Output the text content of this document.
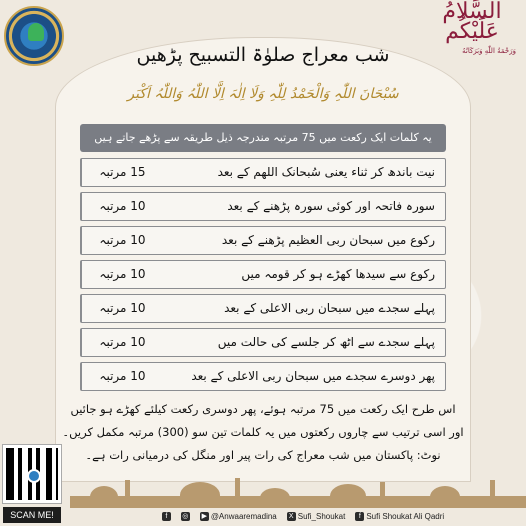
السَّلَامُ عَلَيْكُم
وَرَحْمَةُ اللّٰهِ وَبَرَكَاتُهُ
شب معراج صلوٰۃ التسبیح پڑھیں
سُبْحَانَ اللّٰہِ وَالْحَمْدُ لِلّٰہِ وَلَا اِلٰہَ اِلَّا اللّٰہُ وَاللّٰہُ اَکْبَر
یہ کلمات ایک رکعت میں 75 مرتبہ مندرجہ ذیل طریقہ سے پڑھے جاتے ہیں
15 مرتبہ	نیت باندھ کر ثناء یعنی سُبحانک اللھم کے بعد
10 مرتبہ	سورہ فاتحہ اور کوئی سورہ پڑھنے کے بعد
10 مرتبہ	رکوع میں سبحان ربی العظیم پڑھنے کے بعد
10 مرتبہ	رکوع سے سیدھا کھڑے ہو کر قومہ میں
10 مرتبہ	پہلے سجدے میں سبحان ربی الاعلی کے بعد
10 مرتبہ	پہلے سجدے سے اٹھ کر جلسے کی حالت میں
10 مرتبہ	پھر دوسرے سجدے میں سبحان ربی الاعلی کے بعد
اس طرح ایک رکعت میں 75 مرتبہ ہوئے، پھر دوسری رکعت کیلئے کھڑے ہو جائیں
اور اسی ترتیب سے چاروں رکعتوں میں یہ کلمات تین سو (300) مرتبہ مکمل کریں۔
نوٹ: پاکستان میں شب معراج کی رات پیر اور منگل کی درمیانی رات ہے۔
SCAN ME!	f	◎ ▶ @Anwaaremadina	X Sufi_Shoukat	f Sufi Shoukat Ali Qadri
